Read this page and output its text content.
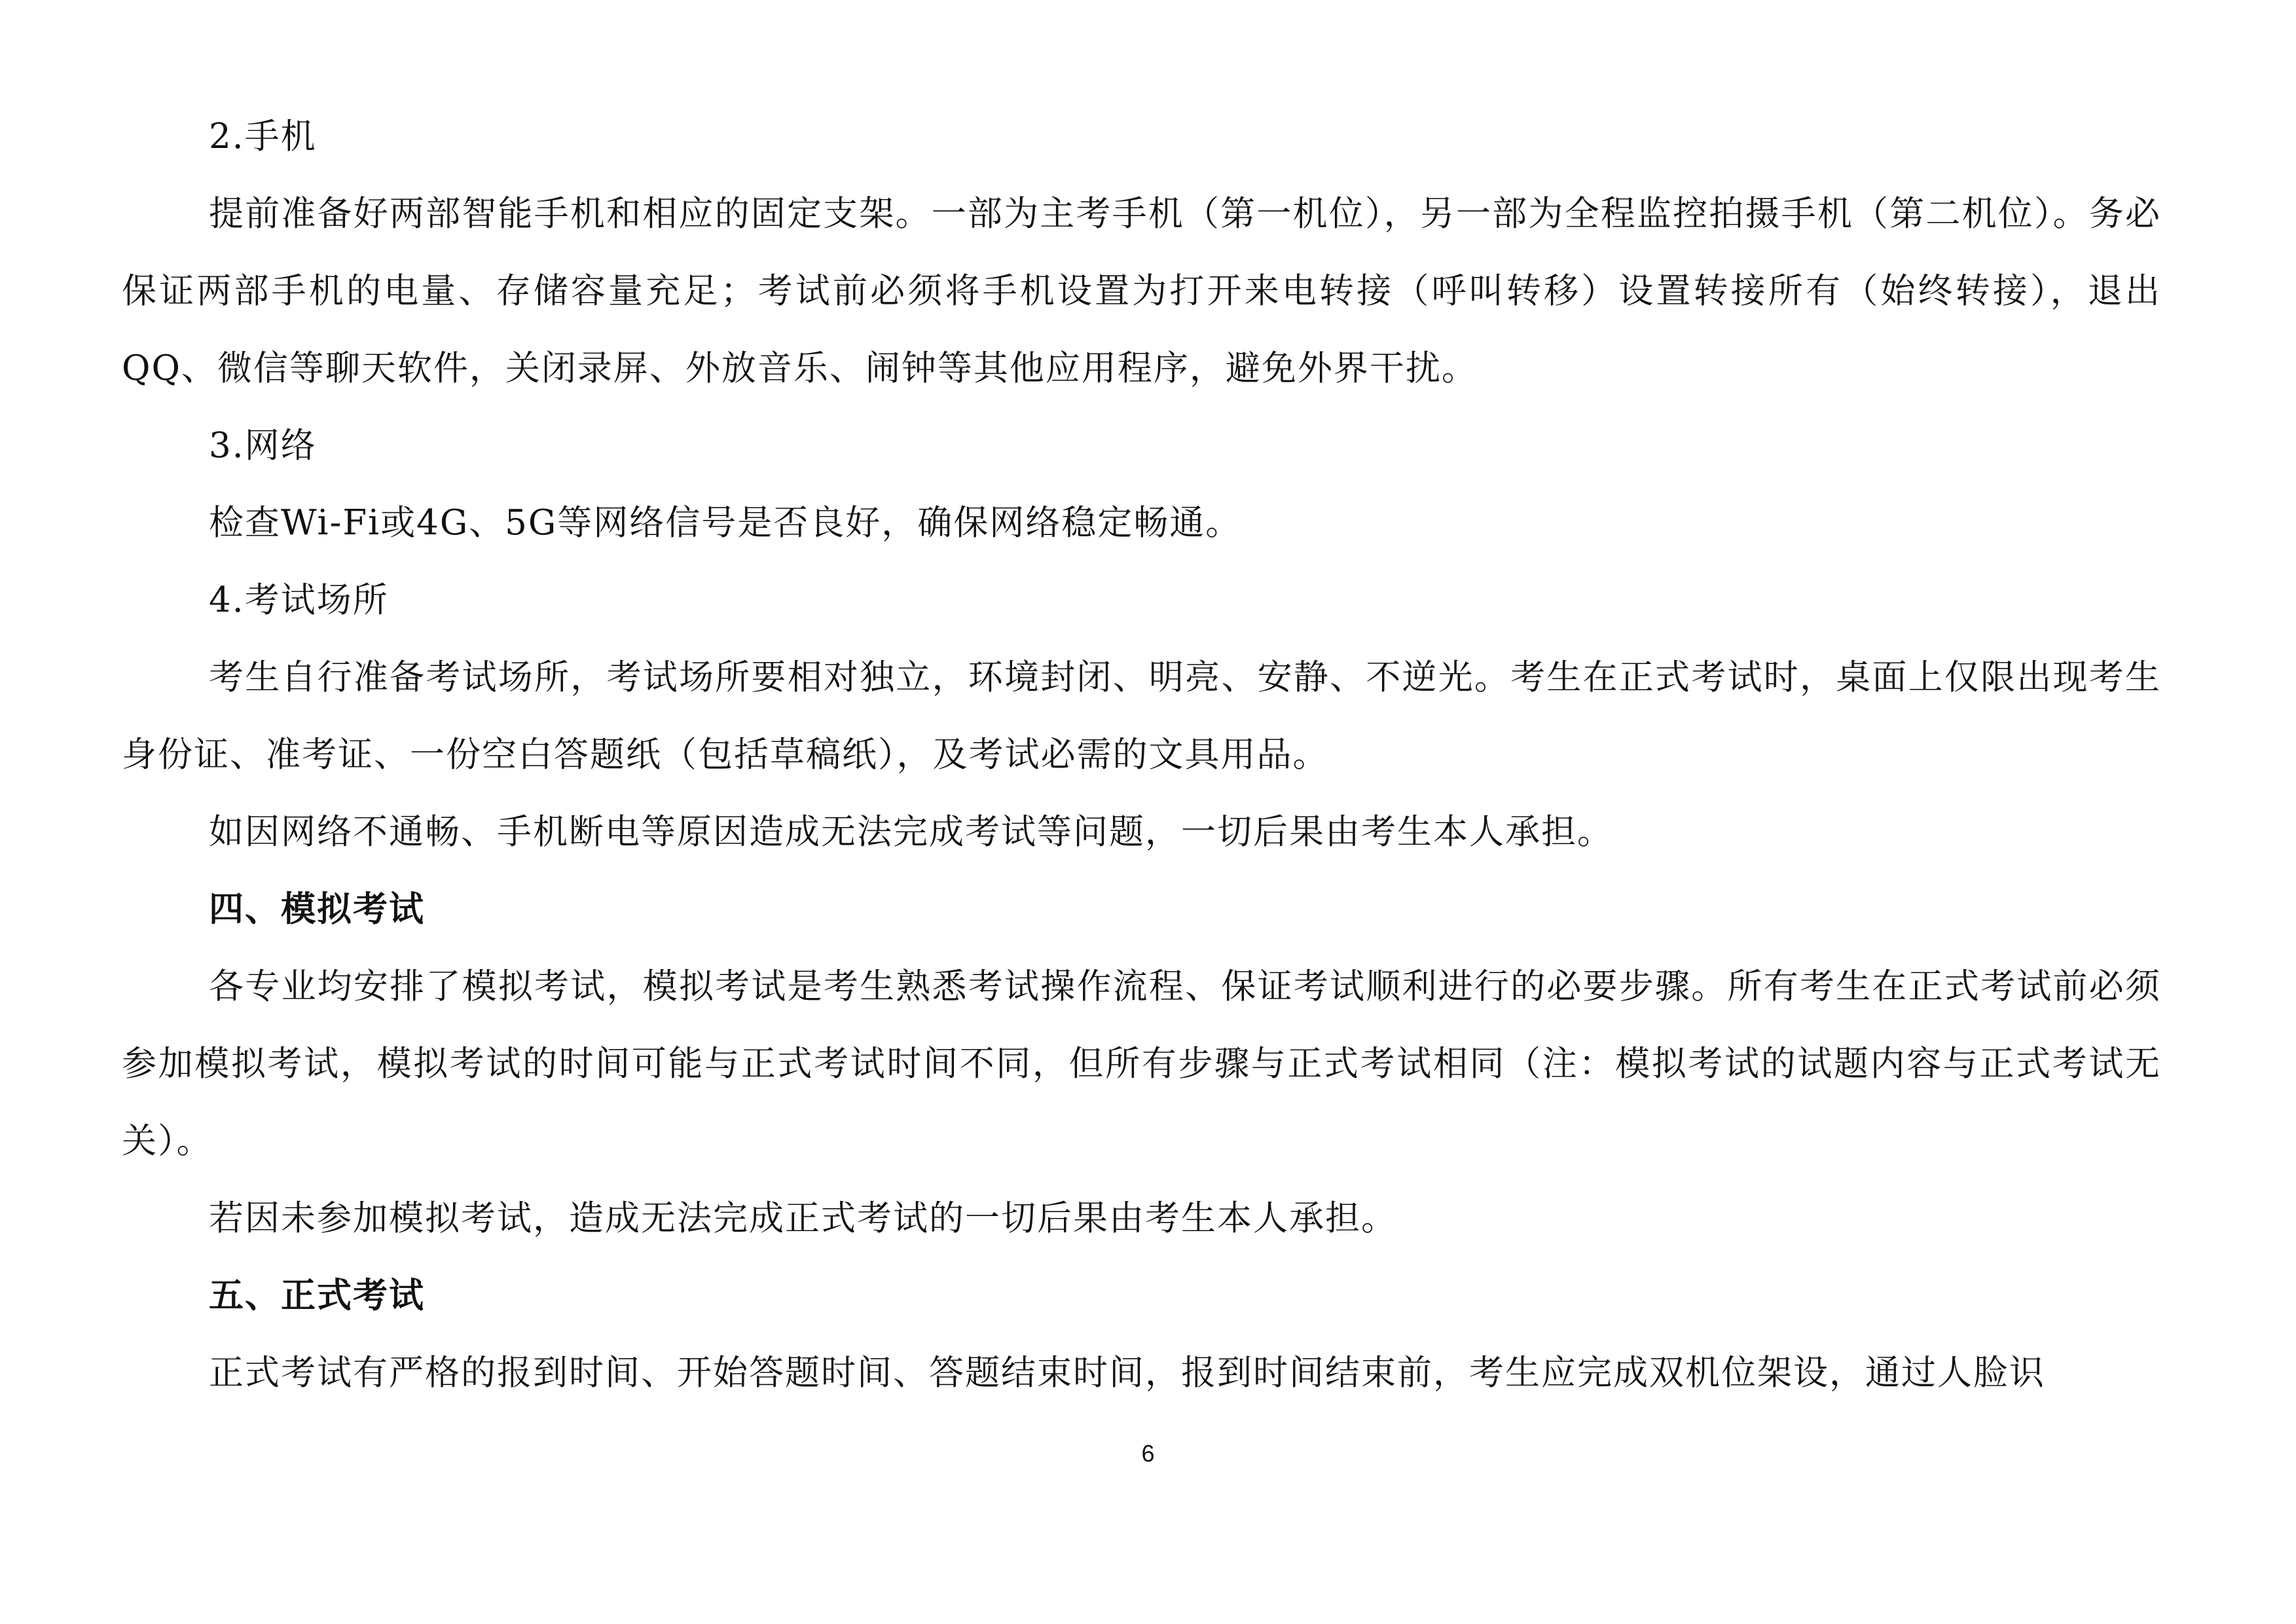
2.手机

提前准备好两部智能手机和相应的固定支架。一部为主考手机（第一机位），另一部为全程监控拍摄手机（第二机位）。务必保证两部手机的电量、存储容量充足；考试前必须将手机设置为打开来电转接（呼叫转移）设置转接所有（始终转接），退出QQ、微信等聊天软件，关闭录屏、外放音乐、闹钟等其他应用程序，避免外界干扰。

3.网络

检查Wi-Fi或4G、5G等网络信号是否良好，确保网络稳定畅通。

4.考试场所

考生自行准备考试场所，考试场所要相对独立，环境封闭、明亮、安静、不逆光。考生在正式考试时，桌面上仅限出现考生身份证、准考证、一份空白答题纸（包括草稿纸），及考试必需的文具用品。

如因网络不通畅、手机断电等原因造成无法完成考试等问题，一切后果由考生本人承担。

四、模拟考试

各专业均安排了模拟考试，模拟考试是考生熟悉考试操作流程、保证考试顺利进行的必要步骤。所有考生在正式考试前必须参加模拟考试，模拟考试的时间可能与正式考试时间不同，但所有步骤与正式考试相同（注：模拟考试的试题内容与正式考试无关）。

若因未参加模拟考试，造成无法完成正式考试的一切后果由考生本人承担。

五、正式考试

正式考试有严格的报到时间、开始答题时间、答题结束时间，报到时间结束前，考生应完成双机位架设，通过人脸识

6
